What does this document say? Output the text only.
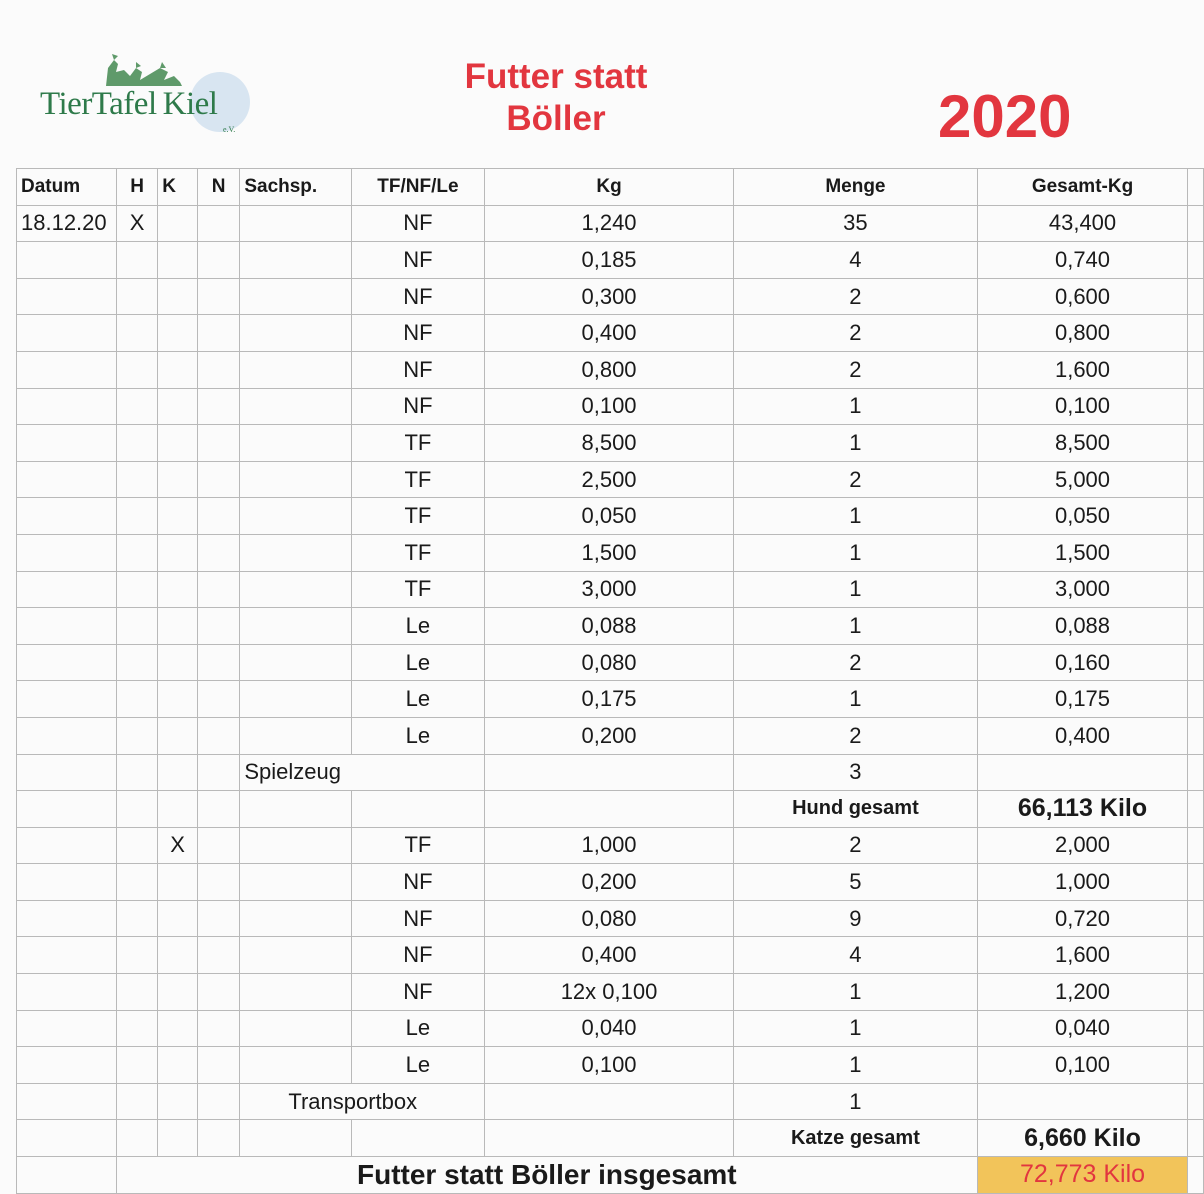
TierTafel Kiel
e.V.
Futter statt
Böller	2020
Datum	H	K	N	Sachsp.	TF/NF/Le	Kg	Menge	Gesamt-Kg	
18.12.20	X				NF	1,240	35	43,400	
					NF	0,185	4	0,740	
					NF	0,300	2	0,600	
					NF	0,400	2	0,800	
					NF	0,800	2	1,600	
					NF	0,100	1	0,100	
					TF	8,500	1	8,500	
					TF	2,500	2	5,000	
					TF	0,050	1	0,050	
					TF	1,500	1	1,500	
					TF	3,000	1	3,000	
					Le	0,088	1	0,088	
					Le	0,080	2	0,160	
					Le	0,175	1	0,175	
					Le	0,200	2	0,400	
				Spielzeug			3		
							Hund gesamt	66,113 Kilo	
		X			TF	1,000	2	2,000	
					NF	0,200	5	1,000	
					NF	0,080	9	0,720	
					NF	0,400	4	1,600	
					NF	12x 0,100	1	1,200	
					Le	0,040	1	0,040	
					Le	0,100	1	0,100	
				Transportbox			1		
							Katze gesamt	6,660 Kilo	
	Futter statt Böller insgesamt							72,773 Kilo	
